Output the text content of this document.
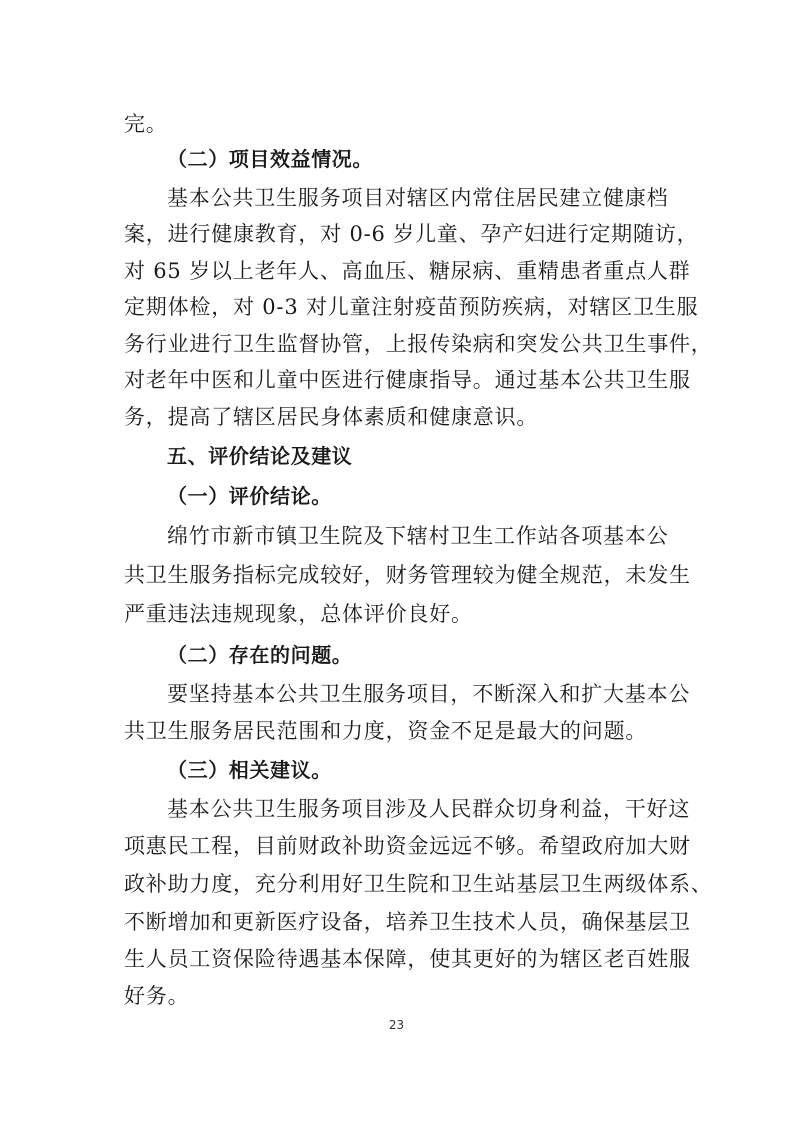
完。
（二）项目效益情况。
基本公共卫生服务项目对辖区内常住居民建立健康档
案，进行健康教育，对 0-6 岁儿童、孕产妇进行定期随访，
对 65 岁以上老年人、高血压、糖尿病、重精患者重点人群
定期体检，对 0-3 对儿童注射疫苗预防疾病，对辖区卫生服
务行业进行卫生监督协管，上报传染病和突发公共卫生事件，
对老年中医和儿童中医进行健康指导。通过基本公共卫生服
务，提高了辖区居民身体素质和健康意识。
五、评价结论及建议
（一）评价结论。
绵竹市新市镇卫生院及下辖村卫生工作站各项基本公
共卫生服务指标完成较好，财务管理较为健全规范，未发生
严重违法违规现象，总体评价良好。
（二）存在的问题。
要坚持基本公共卫生服务项目，不断深入和扩大基本公
共卫生服务居民范围和力度，资金不足是最大的问题。
（三）相关建议。
基本公共卫生服务项目涉及人民群众切身利益，干好这
项惠民工程，目前财政补助资金远远不够。希望政府加大财
政补助力度，充分利用好卫生院和卫生站基层卫生两级体系、
不断增加和更新医疗设备，培养卫生技术人员，确保基层卫
生人员工资保险待遇基本保障，使其更好的为辖区老百姓服
好务。
23
